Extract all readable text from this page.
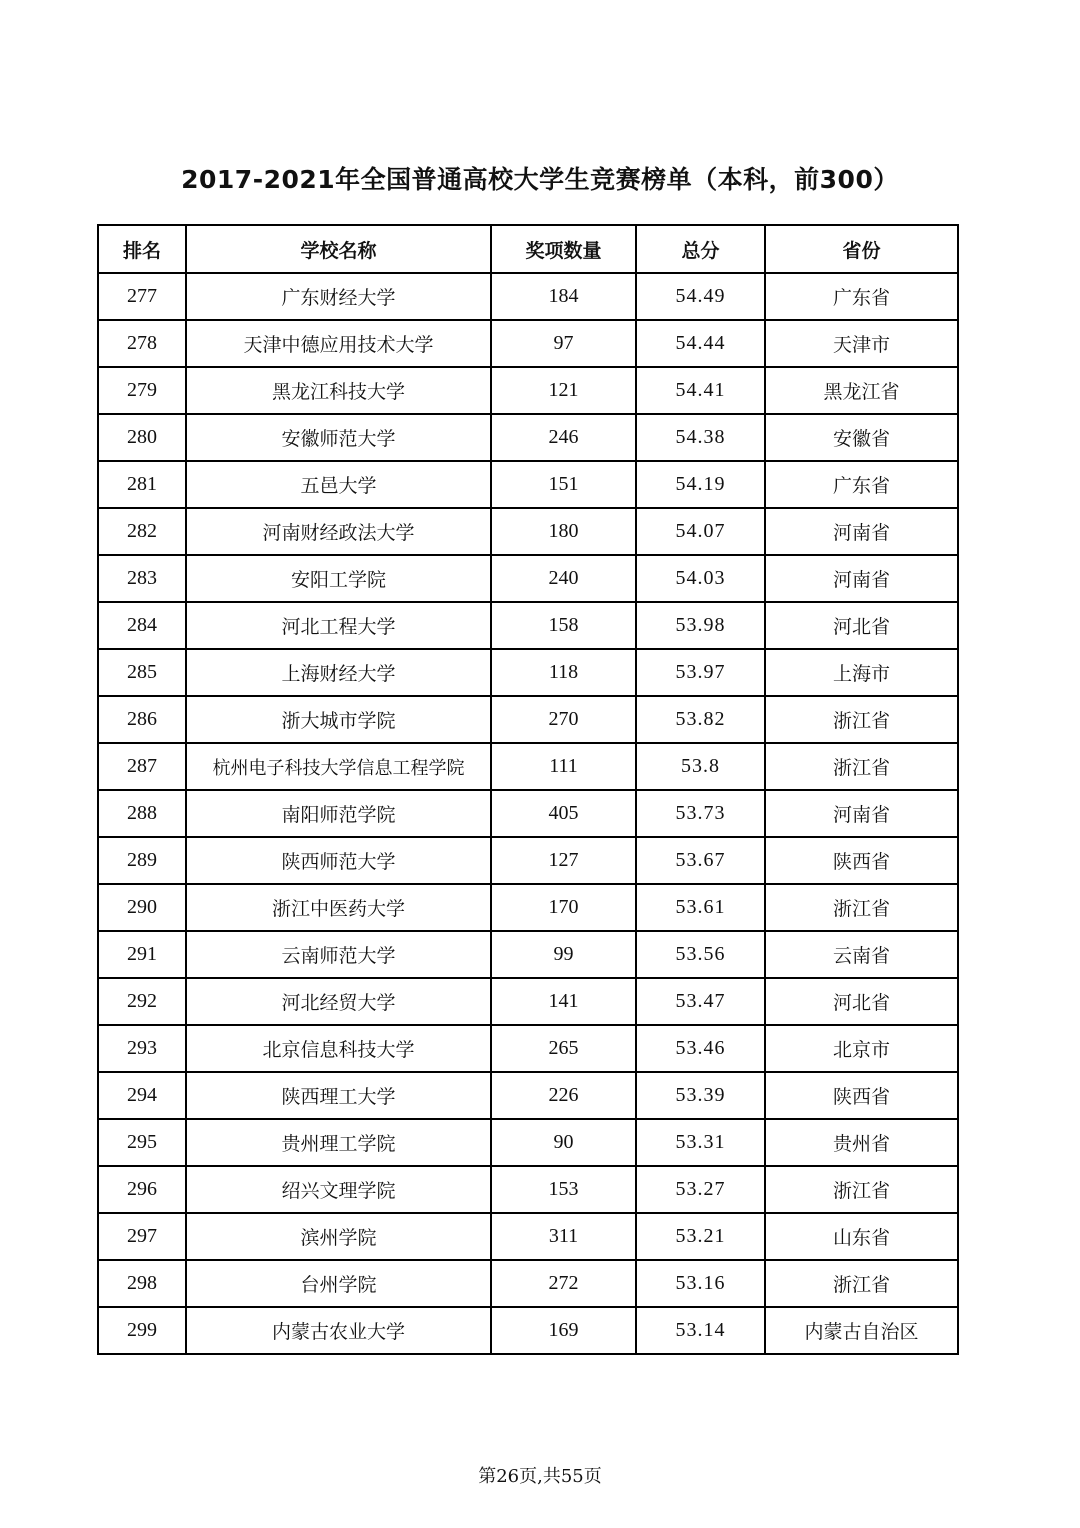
2017-2021年全国普通高校大学生竞赛榜单（本科，前300）
排名	学校名称	奖项数量	总分	省份
277	广东财经大学	184	54.49	广东省
278	天津中德应用技术大学	97	54.44	天津市
279	黑龙江科技大学	121	54.41	黑龙江省
280	安徽师范大学	246	54.38	安徽省
281	五邑大学	151	54.19	广东省
282	河南财经政法大学	180	54.07	河南省
283	安阳工学院	240	54.03	河南省
284	河北工程大学	158	53.98	河北省
285	上海财经大学	118	53.97	上海市
286	浙大城市学院	270	53.82	浙江省
287	杭州电子科技大学信息工程学院	111	53.8	浙江省
288	南阳师范学院	405	53.73	河南省
289	陕西师范大学	127	53.67	陕西省
290	浙江中医药大学	170	53.61	浙江省
291	云南师范大学	99	53.56	云南省
292	河北经贸大学	141	53.47	河北省
293	北京信息科技大学	265	53.46	北京市
294	陕西理工大学	226	53.39	陕西省
295	贵州理工学院	90	53.31	贵州省
296	绍兴文理学院	153	53.27	浙江省
297	滨州学院	311	53.21	山东省
298	台州学院	272	53.16	浙江省
299	内蒙古农业大学	169	53.14	内蒙古自治区
第26页,共55页
